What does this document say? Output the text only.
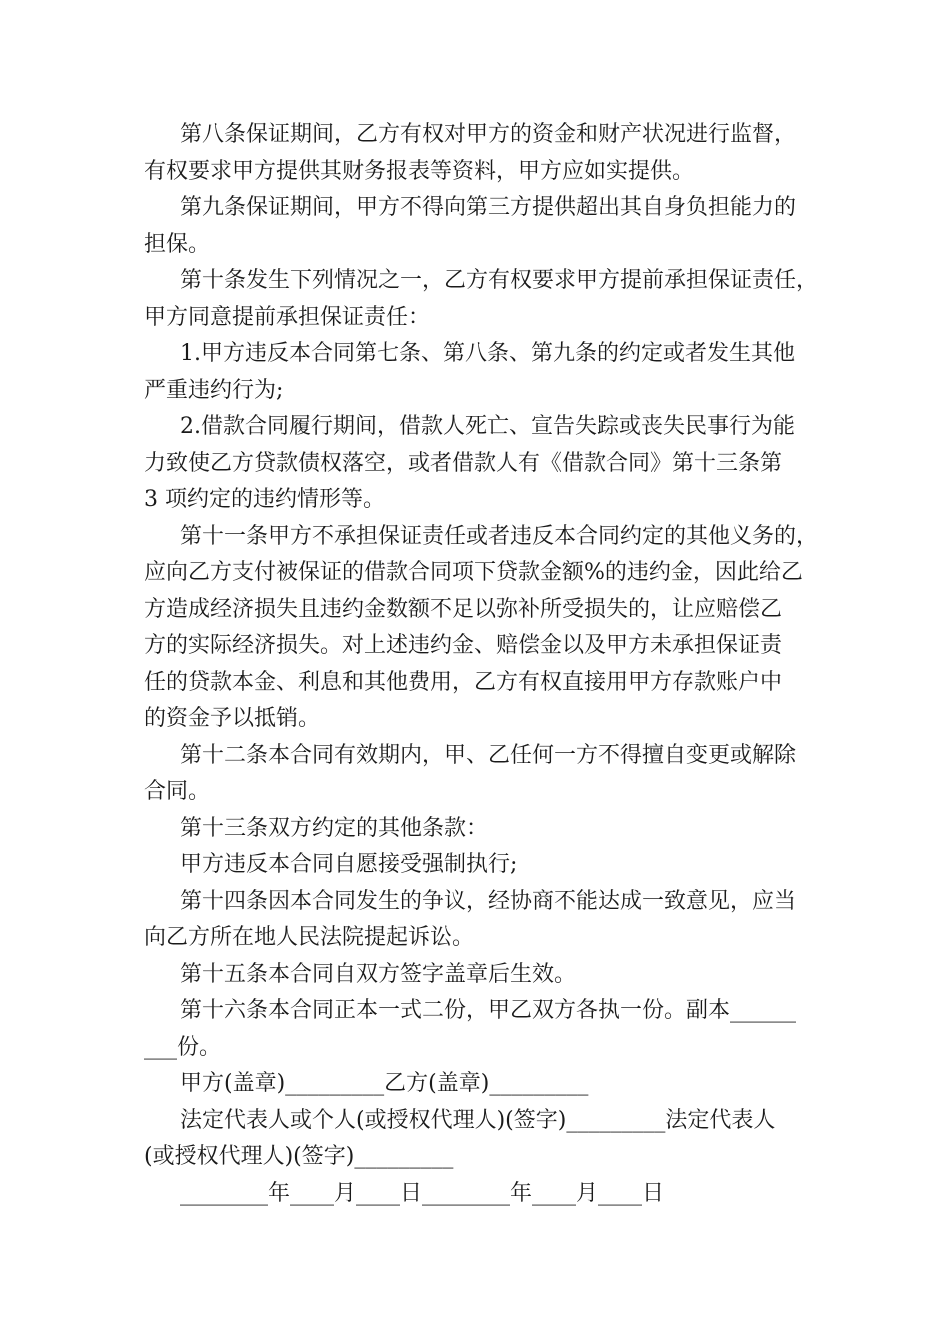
第八条保证期间，乙方有权对甲方的资金和财产状况进行监督，
有权要求甲方提供其财务报表等资料，甲方应如实提供。
第九条保证期间，甲方不得向第三方提供超出其自身负担能力的
担保。
第十条发生下列情况之一，乙方有权要求甲方提前承担保证责任，
甲方同意提前承担保证责任：
1.甲方违反本合同第七条、第八条、第九条的约定或者发生其他
严重违约行为;
2.借款合同履行期间，借款人死亡、宣告失踪或丧失民事行为能
力致使乙方贷款债权落空，或者借款人有《借款合同》第十三条第
3 项约定的违约情形等。
第十一条甲方不承担保证责任或者违反本合同约定的其他义务的，
应向乙方支付被保证的借款合同项下贷款金额%的违约金，因此给乙
方造成经济损失且违约金数额不足以弥补所受损失的，让应赔偿乙
方的实际经济损失。对上述违约金、赔偿金以及甲方未承担保证责
任的贷款本金、利息和其他费用，乙方有权直接用甲方存款账户中
的资金予以抵销。
第十二条本合同有效期内，甲、乙任何一方不得擅自变更或解除
合同。
第十三条双方约定的其他条款：
甲方违反本合同自愿接受强制执行;
第十四条因本合同发生的争议，经协商不能达成一致意见，应当
向乙方所在地人民法院提起诉讼。
第十五条本合同自双方签字盖章后生效。
第十六条本合同正本一式二份，甲乙双方各执一份。副本______
___份。
甲方(盖章)_________乙方(盖章)_________
法定代表人或个人(或授权代理人)(签字)_________法定代表人
(或授权代理人)(签字)_________
________年____月____日________年____月____日
